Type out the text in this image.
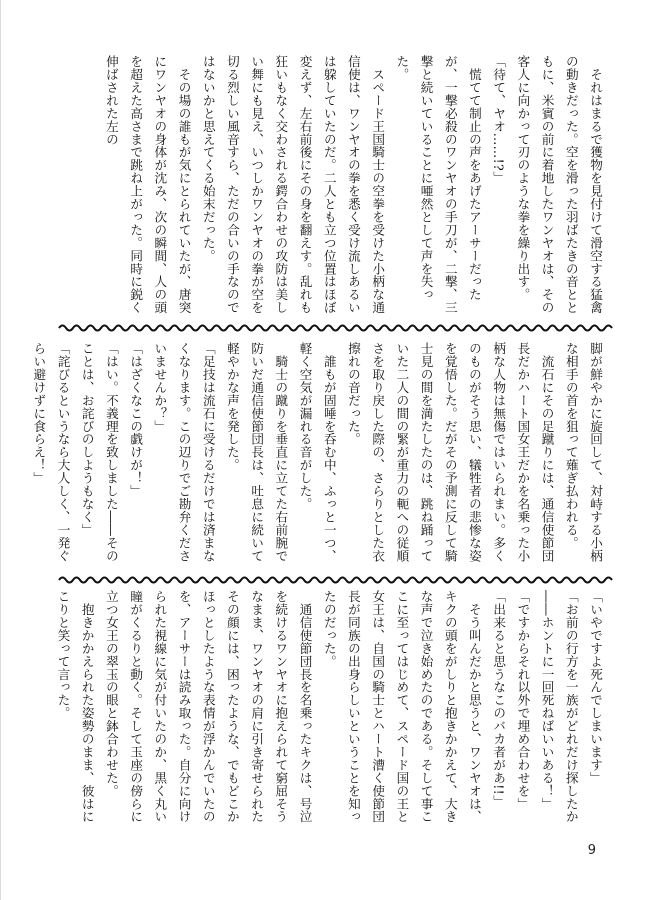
　それはまるで獲物を見付けて滑空する猛禽の動きだった。空を滑った羽ばたきの音とともに、米賓の前に着地したワンヤオは、その客人に向かって刃のような拳を繰り出す。

「待て、ヤオ……!?」

　慌てて制止の声をあげたアーサーだったが、一撃必殺のワンヤオの手刀が、二撃、三撃と続いていることに唖然として声を失った。

　スペード王国騎士の空拳を受けた小柄な通信使は、ワンヤオの拳を悉く受け流しあるいは躱していたのだ。二人とも立つ位置はほぼ変えず、左右前後にその身を翻えす。乱れも狂いもなく交わされる鍔合わせの攻防は美しい舞にも見え、いつしかワンヤオの拳が空を切る烈しい風音すら、ただの合いの手なのではないかと思えてくる始末だった。

　その場の誰もが気にとられていたが、唐突にワンヤオの身体が沈み、次の瞬間、人の頭を超えた高さまで跳ね上がった。同時に鋭く伸ばされた左の

脚が鮮やかに旋回して、対峙する小柄な相手の首を狙って薙ぎ払われる。

　流石にその足蹴りには、通信使節団長だかハート国女王だかを名乗った小柄な人物は無傷ではいられまい。多くのものがそう思い、犠牲者の悲惨な姿を覚悟した。だがその予測に反して騎士見の間を満たしたのは、跳ね踊っていた二人の間の緊が重力の軛への従順さを取り戻した際の、さらりとした衣擦れの音だった。

　誰もが固唾を呑む中、ふっと一つ、軽く空気が漏れる音がした。

　騎士の蹴りを垂直に立てた右前腕で防いだ通信使節団長は、吐息に続いて軽やかな声を発した。

「足技は流石に受けるだけでは済まなくなります。この辺りでご勘弁くださいませんか？」

「はざくなこの戯けが！」

「はい。不義理を致しました――そのことは、お詫びのしようもなく」

「詫びるというなら大人しく、一発ぐらい避けずに食らえ！」

「いやですよ死んでしまいます」

「お前の行方を一族がどれだけ探したか――ホントに一回死ねばいいある！」

「ですからそれ以外で埋め合わせを」

「出来ると思うなこのバカ者があ!!」

　そう叫んだかと思うと、ワンヤオは、キクの頭をがしりと抱きかかえて、大きな声で泣き始めたのである。そして事ここに至ってはじめて、スペード国の王と女王は、自国の騎士とハート漕く使節団長が同族の出身らしいということを知ったのだった。

　通信使節団長を名乗ったキクは、号泣を続けるワンヤオに抱えられて窮屈そうなまま、ワンヤオの肩に引き寄せられたその顔には、困ったような、でもどこかほっとしたような表情が浮かんでいたのを、アーサーは読み取った。自分に向けられた視線に気が付いたのか、黒く丸い瞳がくるりと動く。そして玉座の傍らに立つ女王の翠玉の眼と鉢合わせた。

　抱きかかえられた姿勢のまま、彼はにこりと笑って言った。

9
